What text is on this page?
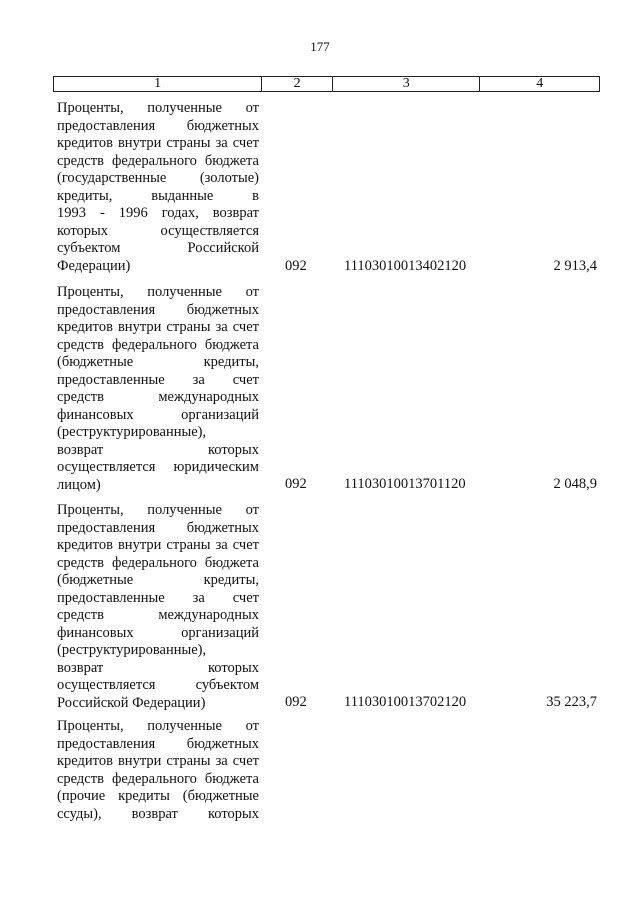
177
1	2	3	4
Проценты, полученные от
предоставления бюджетных
кредитов внутри страны за счет
средств федерального бюджета
(государственные (золотые)
кредиты, выданные в
1993 - 1996 годах, возврат
которых осуществляется
субъектом Российской
Федерации)	092	11103010013402120	2 913,4
Проценты, полученные от
предоставления бюджетных
кредитов внутри страны за счет
средств федерального бюджета
(бюджетные кредиты,
предоставленные за счет
средств международных
финансовых организаций
(реструктурированные),
возврат которых
осуществляется юридическим
лицом)	092	11103010013701120	2 048,9
Проценты, полученные от
предоставления бюджетных
кредитов внутри страны за счет
средств федерального бюджета
(бюджетные кредиты,
предоставленные за счет
средств международных
финансовых организаций
(реструктурированные),
возврат которых
осуществляется субъектом
Российской Федерации)	092	11103010013702120	35 223,7
Проценты, полученные от
предоставления бюджетных
кредитов внутри страны за счет
средств федерального бюджета
(прочие кредиты (бюджетные
ссуды), возврат которых
